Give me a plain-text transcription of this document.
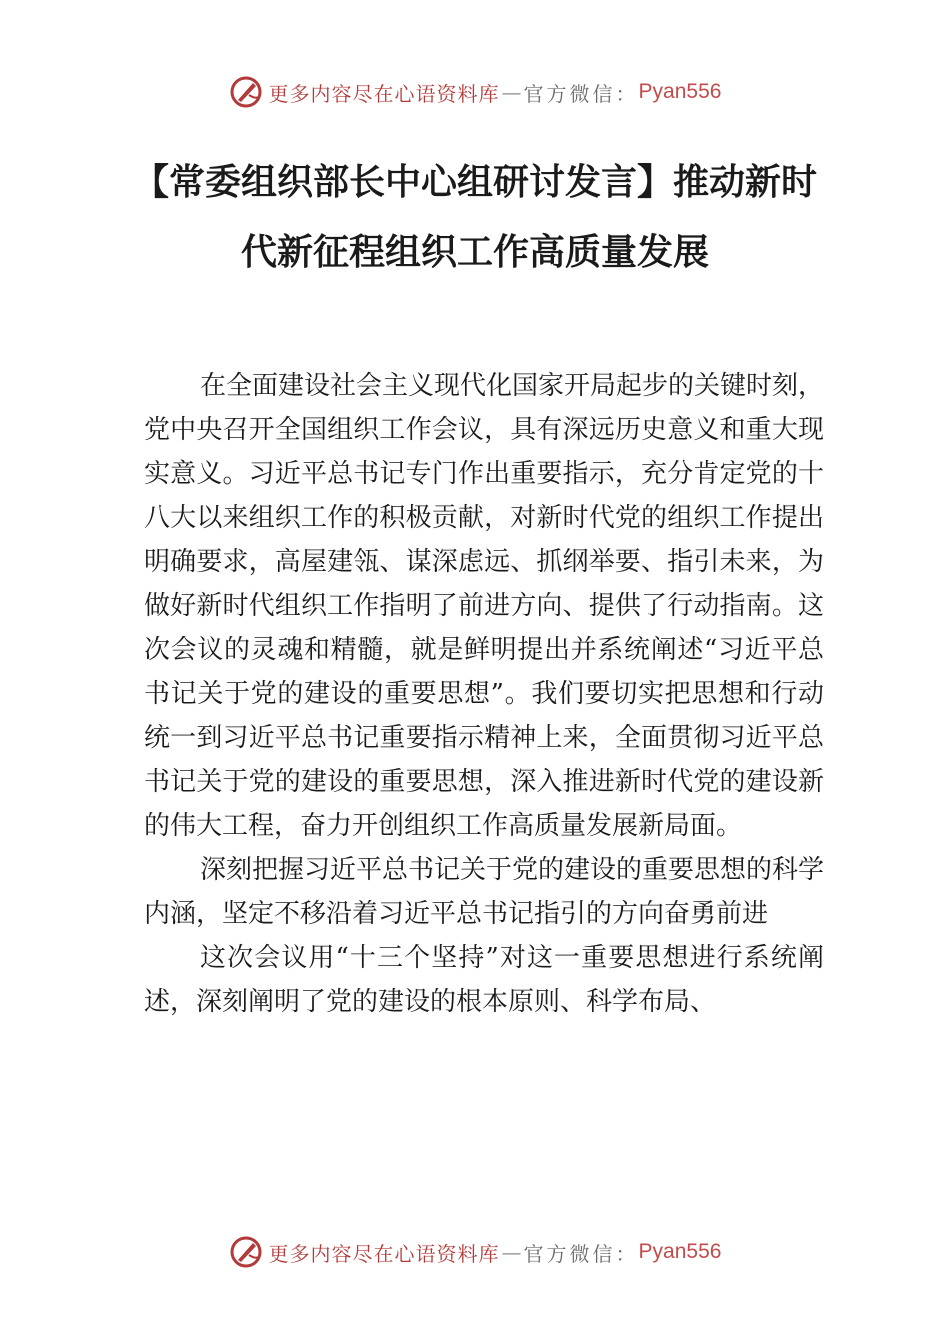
更多内容尽在心语资料库 — 官方微信： Pyan556
【常委组织部长中心组研讨发言】推动新时
代新征程组织工作高质量发展

在全面建设社会主义现代化国家开局起步的关键时刻，党中央召开全国组织工作会议，具有深远历史意义和重大现实意义。习近平总书记专门作出重要指示，充分肯定党的十八大以来组织工作的积极贡献，对新时代党的组织工作提出明确要求，高屋建瓴、谋深虑远、抓纲举要、指引未来，为做好新时代组织工作指明了前进方向、提供了行动指南。这次会议的灵魂和精髓，就是鲜明提出并系统阐述“习近平总书记关于党的建设的重要思想”。我们要切实把思想和行动统一到习近平总书记重要指示精神上来，全面贯彻习近平总书记关于党的建设的重要思想，深入推进新时代党的建设新的伟大工程，奋力开创组织工作高质量发展新局面。

深刻把握习近平总书记关于党的建设的重要思想的科学内涵，坚定不移沿着习近平总书记指引的方向奋勇前进

这次会议用“十三个坚持”对这一重要思想进行系统阐述，深刻阐明了党的建设的根本原则、科学布局、

更多内容尽在心语资料库 — 官方微信： Pyan556
